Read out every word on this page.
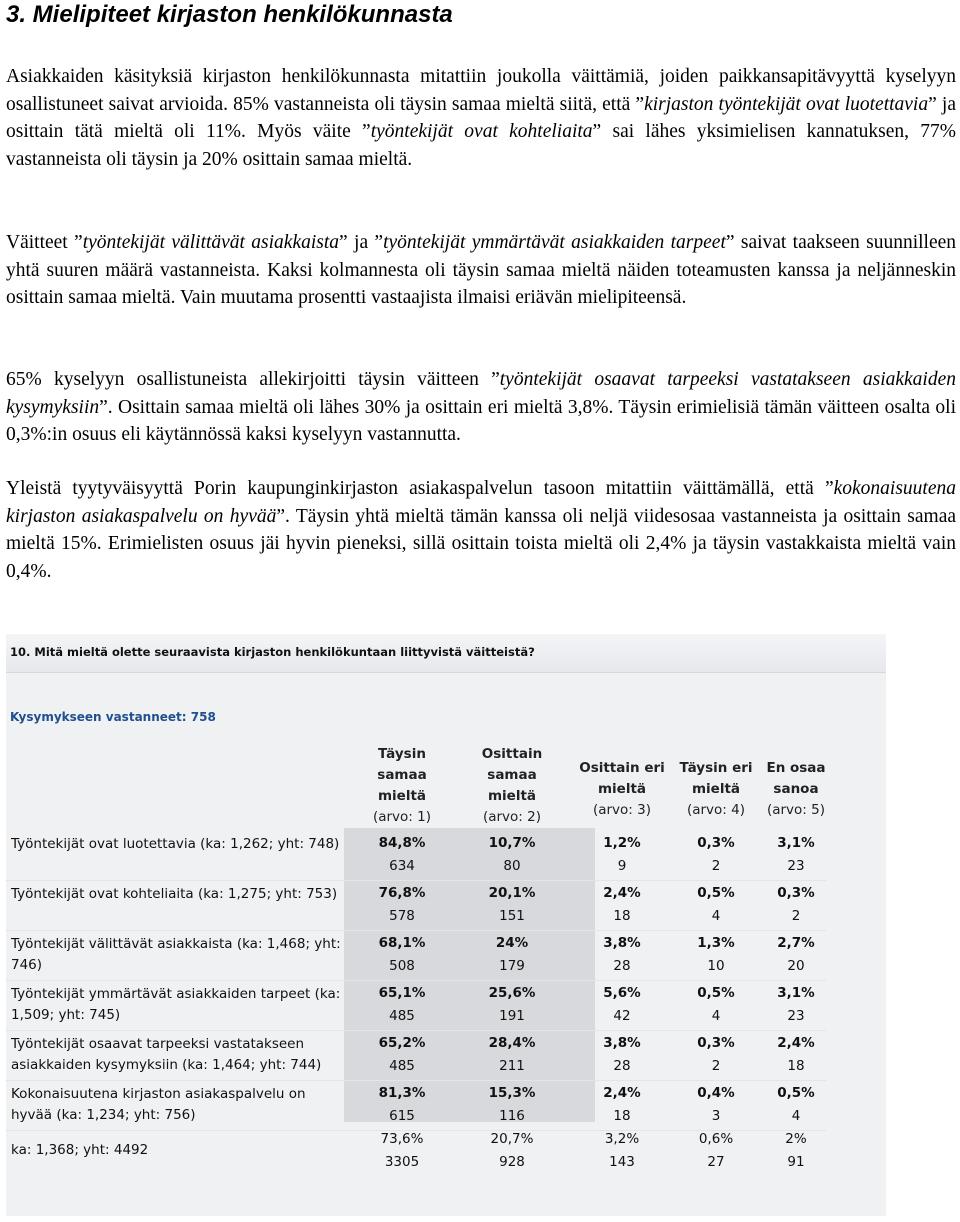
3. Mielipiteet kirjaston henkilökunnasta

Asiakkaiden käsityksiä kirjaston henkilökunnasta mitattiin joukolla väittämiä, joiden paikkansapitävyyttä kyselyyn osallistuneet saivat arvioida. 85% vastanneista oli täysin samaa mieltä siitä, että ”kirjaston työntekijät ovat luotettavia” ja osittain tätä mieltä oli 11%. Myös väite ”työntekijät ovat kohteliaita” sai lähes yksimielisen kannatuksen, 77% vastanneista oli täysin ja 20% osittain samaa mieltä.

Väitteet ”työntekijät välittävät asiakkaista” ja ”työntekijät ymmärtävät asiakkaiden tarpeet” saivat taakseen suunnilleen yhtä suuren määrä vastanneista. Kaksi kolmannesta oli täysin samaa mieltä näiden toteamusten kanssa ja neljänneskin osittain samaa mieltä. Vain muutama prosentti vastaajista ilmaisi eriävän mielipiteensä.

65% kyselyyn osallistuneista allekirjoitti täysin väitteen ”työntekijät osaavat tarpeeksi vastatakseen asiakkaiden kysymyksiin”. Osittain samaa mieltä oli lähes 30% ja osittain eri mieltä 3,8%. Täysin erimielisiä tämän väitteen osalta oli 0,3%:in osuus eli käytännössä kaksi kyselyyn vastannutta.

Yleistä tyytyväisyyttä Porin kaupunginkirjaston asiakaspalvelun tasoon mitattiin väittämällä, että ”kokonaisuutena kirjaston asiakaspalvelu on hyvää”. Täysin yhtä mieltä tämän kanssa oli neljä viidesosaa vastanneista ja osittain samaa mieltä 15%. Erimielisten osuus jäi hyvin pieneksi, sillä osittain toista mieltä oli 2,4% ja täysin vastakkaista mieltä vain 0,4%.

10. Mitä mieltä olette seuraavista kirjaston henkilökuntaan liittyvistä väitteistä?
Kysymykseen vastanneet: 758
Täysin
samaa
mieltä
(arvo: 1)
Osittain
samaa
mieltä
(arvo: 2)
Osittain eri
mieltä
(arvo: 3)
Täysin eri
mieltä
(arvo: 4)
En osaa
sanoa
(arvo: 5)
Työntekijät ovat luotettavia (ka: 1,262; yht: 748)	84,8%
634
10,7%
80
1,2%
9
0,3%
2
3,1%
23
Työntekijät ovat kohteliaita (ka: 1,275; yht: 753)	76,8%
578
20,1%
151
2,4%
18
0,5%
4
0,3%
2
Työntekijät välittävät asiakkaista (ka: 1,468; yht: 746)
68,1%
508
24%
179
3,8%
28
1,3%
10
2,7%
20
Työntekijät ymmärtävät asiakkaiden tarpeet (ka: 1,509; yht: 745)
65,1%
485
25,6%
191
5,6%
42
0,5%
4
3,1%
23
Työntekijät osaavat tarpeeksi vastatakseen asiakkaiden kysymyksiin (ka: 1,464; yht: 744)
65,2%
485
28,4%
211
3,8%
28
0,3%
2
2,4%
18
Kokonaisuutena kirjaston asiakaspalvelu on hyvää (ka: 1,234; yht: 756)
81,3%
615
15,3%
116
2,4%
18
0,4%
3
0,5%
4
ka: 1,368; yht: 4492
73,6%
3305
20,7%
928
3,2%
143
0,6%
27
2%
91
